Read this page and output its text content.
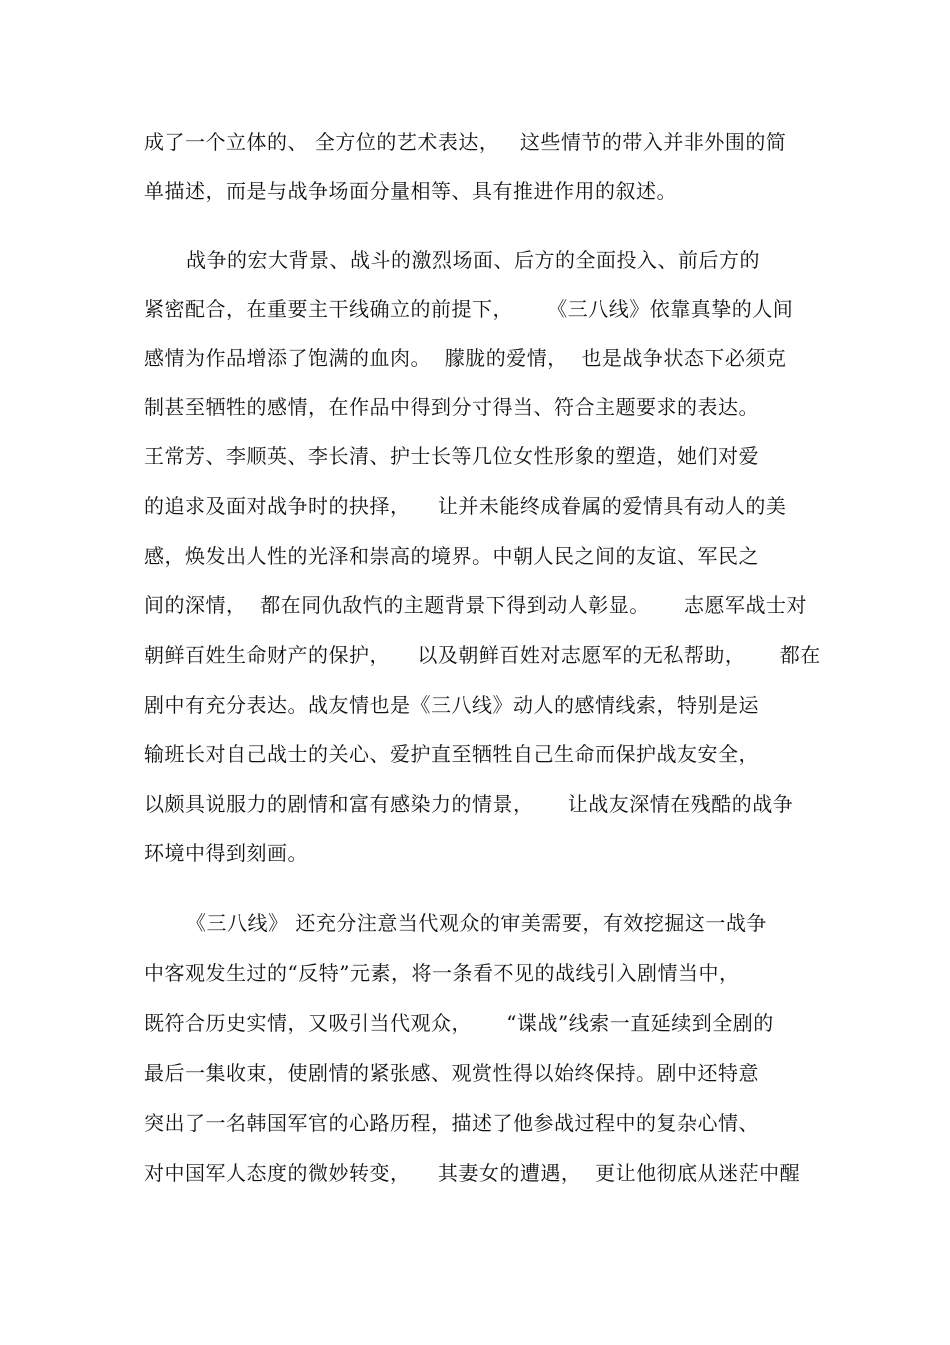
成了一个立体的、 全方位的艺术表达，   这些情节的带入并非外围的简
单描述，而是与战争场面分量相等、具有推进作用的叙述。
战争的宏大背景、战斗的激烈场面、后方的全面投入、前后方的
紧密配合，在重要主干线确立的前提下，     《三八线》依靠真挚的人间
感情为作品增添了饱满的血肉。  朦胧的爱情，  也是战争状态下必须克
制甚至牺牲的感情，在作品中得到分寸得当、符合主题要求的表达。
王常芳、李顺英、李长清、护士长等几位女性形象的塑造，她们对爱
的追求及面对战争时的抉择，    让并未能终成眷属的爱情具有动人的美
感，焕发出人性的光泽和崇高的境界。中朝人民之间的友谊、军民之
间的深情，  都在同仇敌忾的主题背景下得到动人彰显。     志愿军战士对
朝鲜百姓生命财产的保护，    以及朝鲜百姓对志愿军的无私帮助，     都在
剧中有充分表达。战友情也是《三八线》动人的感情线索，特别是运
输班长对自己战士的关心、爱护直至牺牲自己生命而保护战友安全，
以颇具说服力的剧情和富有感染力的情景，     让战友深情在残酷的战争
环境中得到刻画。
《三八线》 还充分注意当代观众的审美需要，有效挖掘这一战争
中客观发生过的“反特”元素，将一条看不见的战线引入剧情当中，
既符合历史实情，又吸引当代观众，     “谍战”线索一直延续到全剧的
最后一集收束，使剧情的紧张感、观赏性得以始终保持。剧中还特意
突出了一名韩国军官的心路历程，描述了他参战过程中的复杂心情、
对中国军人态度的微妙转变，    其妻女的遭遇，  更让他彻底从迷茫中醒
